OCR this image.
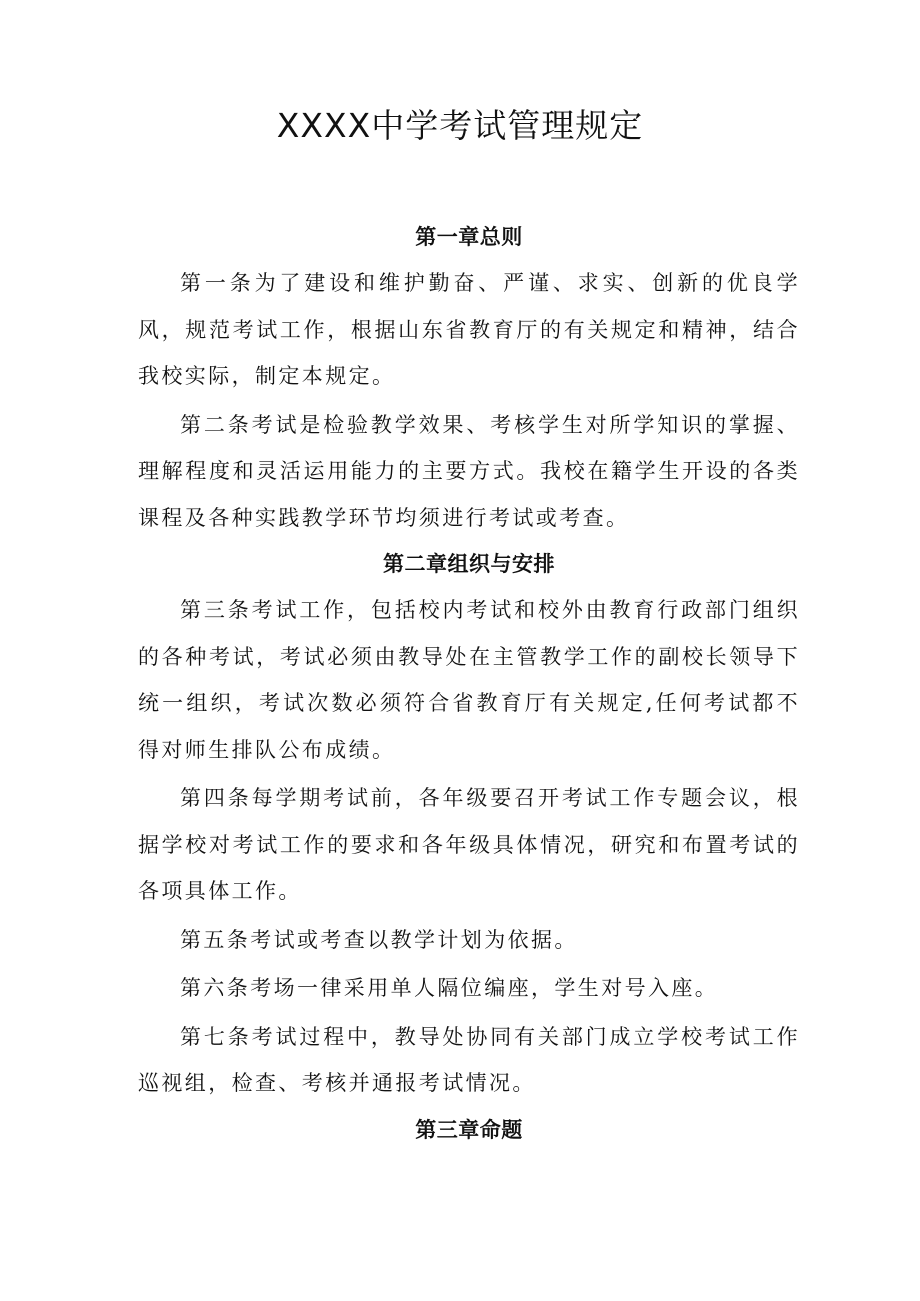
XXXX中学考试管理规定
第一章总则

第一条为了建设和维护勤奋、严谨、求实、创新的优良学风，规范考试工作，根据山东省教育厅的有关规定和精神，结合我校实际，制定本规定。

第二条考试是检验教学效果、考核学生对所学知识的掌握、理解程度和灵活运用能力的主要方式。我校在籍学生开设的各类课程及各种实践教学环节均须进行考试或考查。

第二章组织与安排

第三条考试工作，包括校内考试和校外由教育行政部门组织的各种考试，考试必须由教导处在主管教学工作的副校长领导下统一组织，考试次数必须符合省教育厅有关规定,任何考试都不得对师生排队公布成绩。

第四条每学期考试前，各年级要召开考试工作专题会议，根据学校对考试工作的要求和各年级具体情况，研究和布置考试的各项具体工作。

第五条考试或考查以教学计划为依据。

第六条考场一律采用单人隔位编座，学生对号入座。

第七条考试过程中，教导处协同有关部门成立学校考试工作巡视组，检查、考核并通报考试情况。

第三章命题
